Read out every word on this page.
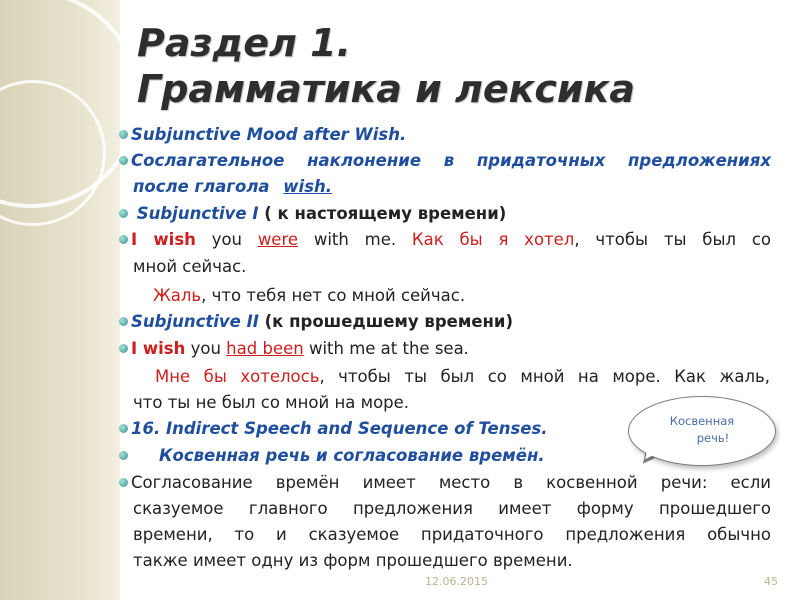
Раздел 1.
Грамматика и лексика
Subjunctive Mood after Wish.
Сослагательное наклонение в придаточных предложениях
после глагола wish.
Subjunctive I ( к настоящему времени)
I wish you were with me. Как бы я хотел, чтобы ты был со
мной сейчас.
Жаль, что тебя нет со мной сейчас.
Subjunctive II (к прошедшему времени)
I wish you had been with me at the sea.
Мне бы хотелось, чтобы ты был со мной на море. Как жаль,
что ты не был со мной на море.
16. Indirect Speech and Sequence of Tenses.
Косвенная речь и согласование времён.
Согласование времён имеет место в косвенной речи: если
сказуемое главного предложения имеет форму прошедшего
времени, то и сказуемое придаточного предложения обычно
также имеет одну из форм прошедшего времени.
Косвенная
речь!
12.06.2015	45
